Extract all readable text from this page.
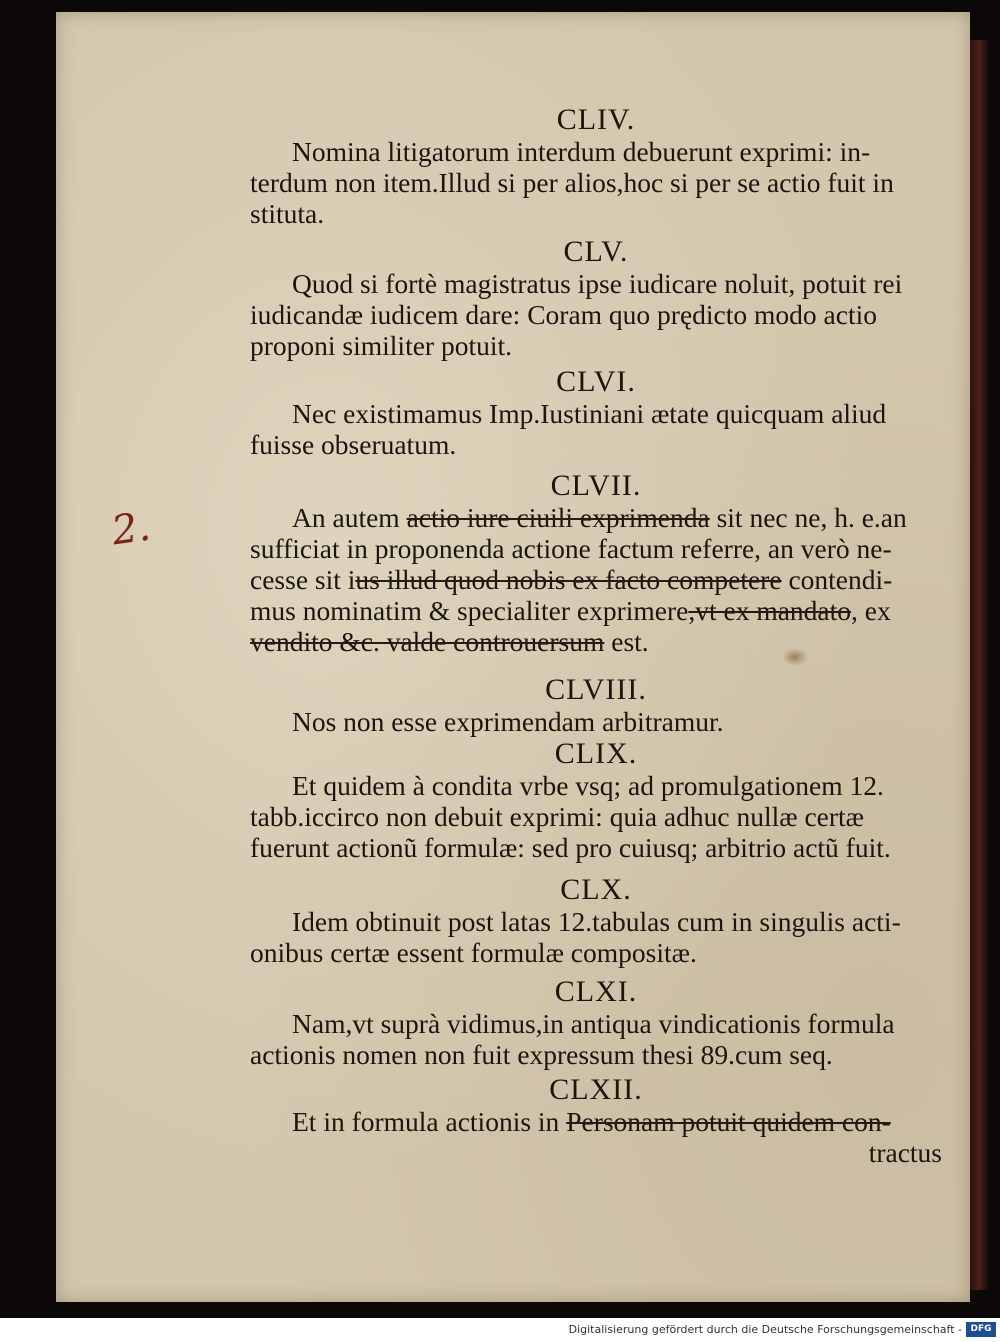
CLIV.
Nomina litigatorum interdum debuerunt exprimi: in-
terdum non item.Illud si per alios,hoc si per se actio fuit in
stituta.
CLV.
Quod si fortè magistratus ipse iudicare noluit, potuit rei
iudicandæ iudicem dare: Coram quo prędicto modo actio
proponi similiter potuit.
CLVI.
Nec existimamus Imp.Iustiniani ætate quicquam aliud
fuisse obseruatum.
CLVII.
An autem actio iure ciuili exprimenda sit nec ne, h. e.an
sufficiat in proponenda actione factum referre, an verò ne-
cesse sit ius illud quod nobis ex facto competere contendi-
mus nominatim & specialiter exprimere,vt ex mandato, ex
vendito &c. valde controuersum est.
CLVIII.
Nos non esse exprimendam arbitramur.
CLIX.
Et quidem à condita vrbe vsq; ad promulgationem 12.
tabb.iccirco non debuit exprimi: quia adhuc nullæ certæ
fuerunt actionũ formulæ: sed pro cuiusq; arbitrio actũ fuit.
CLX.
Idem obtinuit post latas 12.tabulas cum in singulis acti-
onibus certæ essent formulæ compositæ.
CLXI.
Nam,vt suprà vidimus,in antiqua vindicationis formula
actionis nomen non fuit expressum thesi 89.cum seq.
CLXII.
Et in formula actionis in Personam potuit quidem con-
tractus
2.
Digitalisierung gefördert durch die Deutsche Forschungsgemeinschaft - DFG
